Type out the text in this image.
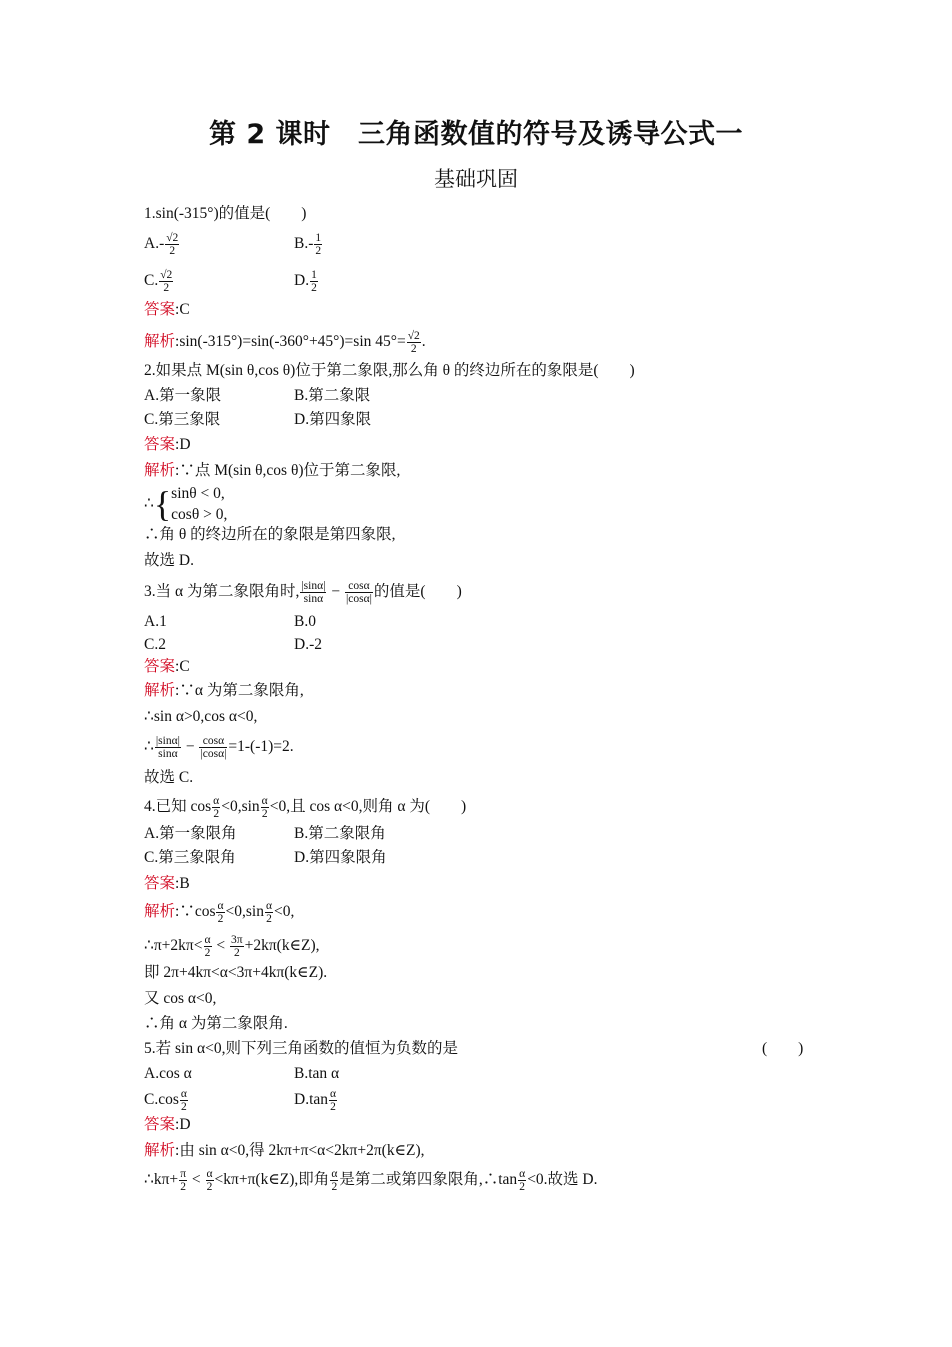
第 2 课时　三角函数值的符号及诱导公式一
基础巩固
1.sin(-315°)的值是(　　)
$A.- \frac{√2}{2}$	$B.- \frac{1}{2}$
C. $\frac{√2}{2}$	D. $\frac{1}{2}$
答案:C
解析:sin(-315°)=sin(-360°+45°)=sin $45^\circ= \frac{√2}{2}$ .
2.如果点 M(sin θ,cos θ)位于第二象限,那么角 θ 的终边所在的象限是(　　)
A.第一象限	B.第二象限
C.第三象限	D.第四象限
答案:D
解析:∵点 M(sin θ,cos θ)位于第二象限,
∴{ sinθ < 0,
cosθ > 0,
∴角 θ 的终边所在的象限是第四象限,
故选 D.
3.当 α 为第二象限角时, $\frac{|\sin\alpha|}{\sin\alpha} - \frac{\cos\alpha}{|\cos\alpha|}$ 的值是(　　)
A.1	B.0
C.2	D.-2
答案:C
解析:∵α 为第二象限角,
∴sin α>0,cos α<0,
∴ $\frac{|\sin\alpha|}{\sin\alpha} - \frac{\cos\alpha}{|\cos\alpha|} =1-(-1)=2$.
故选 C.
4.已知 $\cos \frac{\alpha}{2} <0,\sin \frac{\alpha}{2} <0$,且 cos α<0,则角 α 为(　　)
A.第一象限角	B.第二象限角
C.第三象限角	D.第四象限角
答案:B
解析:∵cos $\frac{\alpha}{2} <0,\sin \frac{\alpha}{2} <0$,
∴π+2kπ< $\frac{\alpha}{2} < \frac{3\pi}{2}$ +2kπ(k∈Z),
即 2π+4kπ<α<3π+4kπ(k∈Z).
又 cos α<0,
∴角 α 为第二象限角.
5.若 sin α<0,则下列三角函数的值恒为负数的是	(　　)
A.cos α	B.tan α
$C.\cos \frac{\alpha}{2}$	$D.\tan \frac{\alpha}{2}$
答案:D
解析:由 sin α<0,得 2kπ+π<α<2kπ+2π(k∈Z),
∴kπ+ $\frac{\pi}{2} < \frac{\alpha}{2}$ <kπ+π(k∈Z),即角 $\frac{\alpha}{2}$ 是第二或第四象限角,∴tan $\frac{\alpha}{2} <0$.故选 D.
